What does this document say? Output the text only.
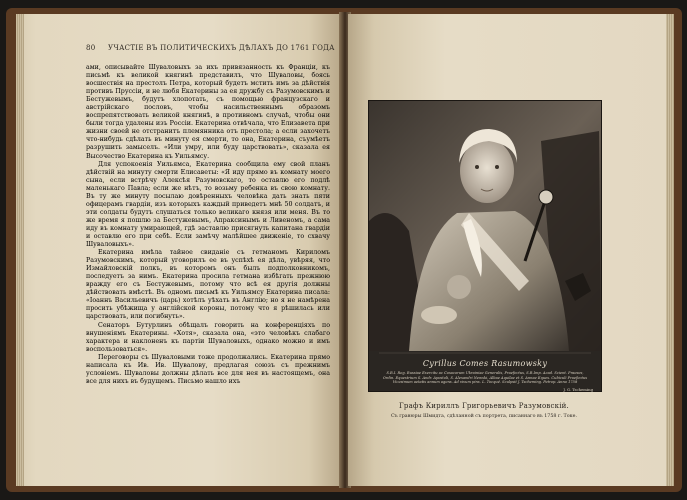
Cyrillus Comes Rasumowsky
S.R.I. Reg. Russiae Exercitu ac Cosacorum Ukrainiae Generalis, Praefectus, S.R.Imp. Acad. Scient. Praeses,
Ordin. Equestrium S. Andr. Apostoli, S. Alexandri Newski, Albae Aquilae et S. Annae Eques. Cubiculi Praefectus
Vicesimum aetatis annum agens. Ad vivum pinx. L. Tocqué. Sculpsit J. Tscheming. Petrop. Anno 1758
J. G. Tscheming
Графъ Кириллъ Григорьевичъ Разумовскій.
Съ гравюры Шмидта, сдѣланной съ портрета, писаннаго въ 1758 г. Токе.
80 УЧАСТІЕ ВЪ ПОЛИТИЧЕСКИХЪ ДѢЛАХЪ ДО 1761 ГОДА

ами, описывайте Шуваловыхъ за ихъ привязанность къ Франціи, къ письмѣ къ великой княгинѣ представилъ, что Шуваловы, боясь восшествія на престолъ Петра, который будетъ мстить имъ за дѣйствія противъ Пруссіи, и не любя Екатерины за ея дружбу съ Разумовскимъ и Бестужевымъ, будутъ хлопотать, съ помощью французскаго и австрійскаго пословъ, чтобы насильственнымъ образомъ воспрепятствовать великой княгинѣ, в противномъ случаѣ, чтобы они были тогда удалены изъ Россіи. Екатерина отвѣчала, что Елизавета при жизни своей не отстранитъ племянника отъ престола; а если захочетъ что-нибудь сдѣлать въ минуту ея смерти, то она, Екатерина, съумѣетъ разрушить замыселъ. «Или умру, или буду царствовать», сказала ея Высочество Екатерина къ Уильямсу.

Для успокоенія Уильямса, Екатерина сообщила ему свой планъ дѣйствій на минуту смерти Елисаветы: «Я иду прямо въ комнату моего сына, если встрѣчу Алексѣя Разумовскаго, то оставлю его подлѣ маленькаго Павла; если же нѣтъ, то возьму ребенка въ свою комнату. Въ ту же минуту посылаю довѣренныхъ человѣка дать знать пяти офицерамъ гвардіи, изъ которыхъ каждый приведетъ мнѣ 50 солдатъ, и эти солдаты будутъ слушаться только великаго князя или меня. Въ то же время я пошлю за Бестужевымъ, Апраксинымъ и Ливеномъ, а сама иду въ комнату умирающей, гдѣ заставлю присягнуть капитана гвардіи и оставлю его при себѣ. Если замѣчу малѣйшее движеніе, то схвачу Шуваловыхъ».

Екатерина имѣла тайное свиданіе съ гетманомъ Кириломъ Разумовскимъ, который уговорилъ ее въ успѣхѣ ея дѣла, увѣряя, что Измайловскій полкъ, въ которомъ онъ былъ подполковникомъ, последуетъ за нимъ. Екатерина просила гетмана избѣгать прежнюю вражду его съ Бестужевымъ, потому что всѣ ея другія должны дѣйствовать вмѣстѣ. Въ одномъ письмѣ къ Уильямсу Екатерина писала: «Іоаннъ Васильевичъ (царь) хотѣлъ уѣхать въ Англію; но я не намѣрена просить убѣжища у англійской короны, потому что я рѣшилась или царствовать, или погибнуть».

Сенаторъ Бутурлинъ обѣщалъ говорить на конференціяхъ по внушеніямъ Екатерины. «Хотя», сказала она, «это человѣкъ слабаго характера и наклоненъ къ партіи Шуваловыхъ, однако можно и имъ воспользоваться».

Переговоры съ Шуваловыми тоже продолжались. Екатерина прямо написала къ Ив. Ив. Шувалову, предлагая союзъ съ прежнимъ условіемъ. Шуваловы должны дѣлать все для нея въ настоящемъ, она все для нихъ въ будущемъ. Письмо нашло ихъ
